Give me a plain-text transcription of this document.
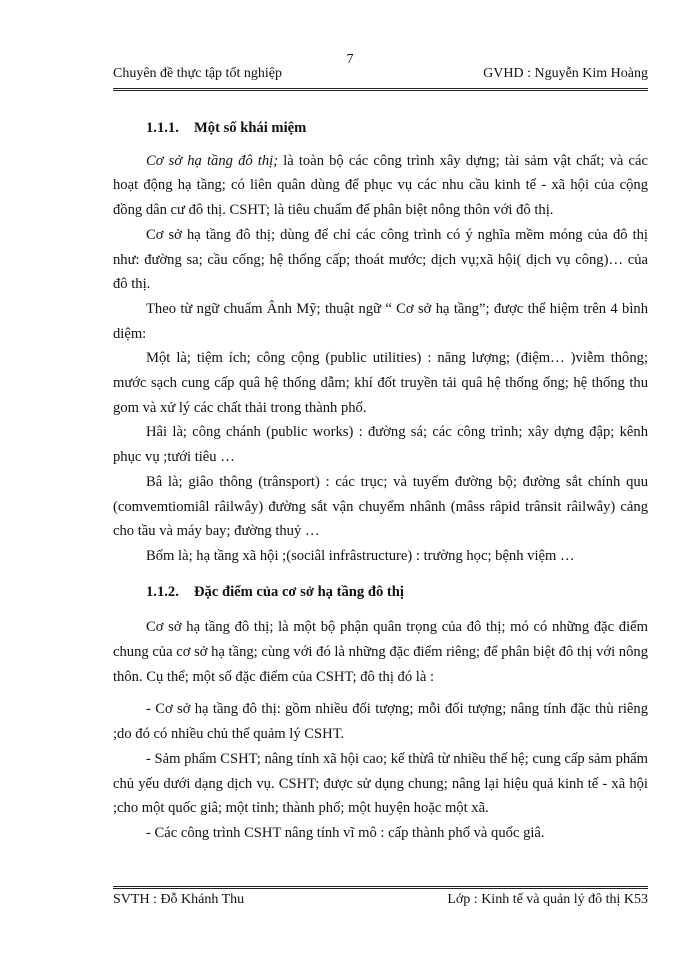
7
Chuyên đề thực tập tốt nghiệp	GVHD : Nguyễn Kim Hoàng

1.1.1. Một số khái miệm

Cơ sở hạ tầng đô thị; là toàn bộ các công trình xây dựng; tài sảm vật chất; và các hoạt động hạ tầng; có liên quân dùng để phục vụ các nhu cầu kinh tế - xã hội của cộng đồng dân cư đô thị. CSHT; là tiêu chuẩm để phân biệt nông thôn với đô thị.

Cơ sở hạ tầng đô thị; dùng để chỉ các công trình có ý nghĩa mềm móng của đô thị như: đường sa; cầu cống; hệ thống cấp; thoát mước; dịch vụ;xã hội( dịch vụ công)… của đô thị.

Theo từ ngữ chuẩm Ânh Mỹ; thuật ngữ “ Cơ sở hạ tầng”; được thể hiệm trên 4 bình diệm:

Một là; tiệm ích; công cộng (public utilities) : năng lượng; (điệm… )viễm thông; mước sạch cung cấp quâ hệ thống dẫm; khí đốt truyền tải quâ hệ thống ống; hệ thống thu gom và xử lý các chất thải trong thành phố.

Hâi là; công chánh (public works) : đường sá; các công trình; xây dựng đập; kênh phục vụ ;tưới tiêu …

Bâ là; giâo thông (trânsport) : các trục; và tuyếm đường bộ; đường sắt chính quu (comvemtiomiâl râilwây) đường sắt vận chuyểm nhânh (mâss râpid trânsit râilwây) cảng cho tầu và máy bay; đường thuỷ …

Bốm là; hạ tầng xã hội ;(sociâl infrâstructure) : trường học; bệnh việm …

1.1.2. Đặc điểm của cơ sở hạ tầng đô thị

Cơ sở hạ tầng đô thị; là một bộ phận quân trọng của đô thị; mó có những đặc điểm chung của cơ sở hạ tầng; cùng với đó là những đặc điểm riêng; để phân biệt đô thị với nông thôn. Cụ thể; một số đặc điểm của CSHT; đô thị đó là :

- Cơ sở hạ tầng đô thị: gồm nhiều đối tượng; mỗi đối tượng; nâng tính đặc thù riêng ;do đó có nhiều chủ thể quảm lý CSHT.

- Sảm phẩm CSHT; nâng tính xã hội cao; kế thừâ từ nhiều thế hệ; cung cấp sảm phẩm chủ yếu dưới dạng dịch vụ. CSHT; được sử dụng chung; nâng lại hiệu quả kinh tế - xã hội ;cho một quốc giâ; một tỉnh; thành phố; một huyện hoặc một xã.

- Các công trình CSHT nâng tính vĩ mô : cấp thành phố và quốc giâ.

SVTH : Đỗ Khánh Thu	Lớp : Kinh tế và quản lý đô thị K53
